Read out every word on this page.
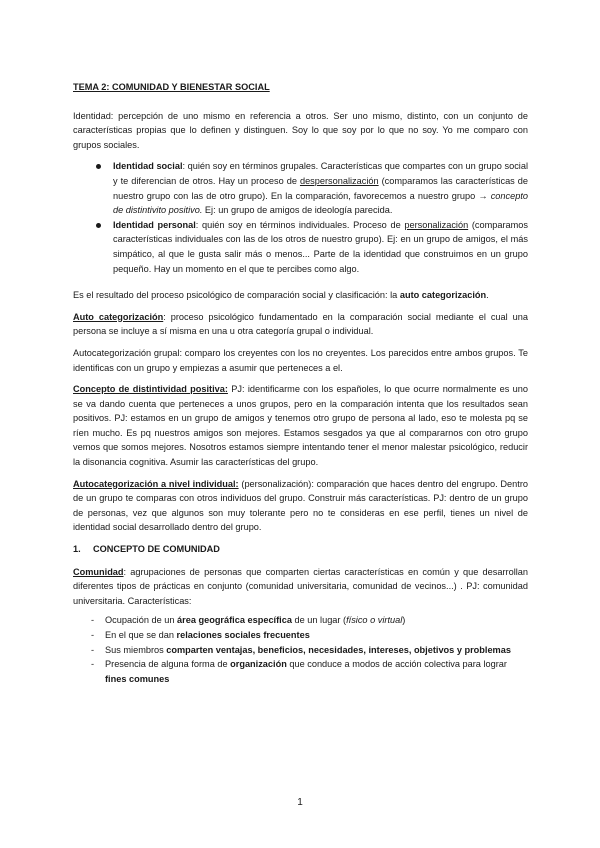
TEMA 2: COMUNIDAD Y BIENESTAR SOCIAL

Identidad: percepción de uno mismo en referencia a otros. Ser uno mismo, distinto, con un conjunto de características propias que lo definen y distinguen. Soy lo que soy por lo que no soy. Yo me comparo con grupos sociales.

Identidad social: quién soy en términos grupales. Características que compartes con un grupo social y te diferencian de otros. Hay un proceso de despersonalización (comparamos las características de nuestro grupo con las de otro grupo). En la comparación, favorecemos a nuestro grupo → concepto de distintivito positivo. Ej: un grupo de amigos de ideología parecida.
Identidad personal: quién soy en términos individuales. Proceso de personalización (comparamos características individuales con las de los otros de nuestro grupo). Ej: en un grupo de amigos, el más simpático, al que le gusta salir más o menos... Parte de la identidad que construimos en un grupo pequeño. Hay un momento en el que te percibes como algo.

Es el resultado del proceso psicológico de comparación social y clasificación: la auto categorización.

Auto categorización: proceso psicológico fundamentado en la comparación social mediante el cual una persona se incluye a sí misma en una u otra categoría grupal o individual.

Autocategorización grupal: comparo los creyentes con los no creyentes. Los parecidos entre ambos grupos. Te identificas con un grupo y empiezas a asumir que perteneces a el.

Concepto de distintividad positiva: PJ: identificarme con los españoles, lo que ocurre normalmente es uno se va dando cuenta que perteneces a unos grupos, pero en la comparación intenta que los resultados sean positivos. PJ: estamos en un grupo de amigos y tenemos otro grupo de persona al lado, eso te molesta pq se ríen mucho. Es pq nuestros amigos son mejores. Estamos sesgados ya que al compararnos con otro grupo vemos que somos mejores. Nosotros estamos siempre intentando tener el menor malestar psicológico, reducir la disonancia cognitiva. Asumir las características del grupo.

Autocategorización a nivel individual: (personalización): comparación que haces dentro del engrupo. Dentro de un grupo te comparas con otros individuos del grupo. Construir más características. PJ: dentro de un grupo de personas, vez que algunos son muy tolerante pero no te consideras en ese perfil, tienes un nivel de identidad social desarrollado dentro del grupo.

1. CONCEPTO DE COMUNIDAD

Comunidad: agrupaciones de personas que comparten ciertas características en común y que desarrollan diferentes tipos de prácticas en conjunto (comunidad universitaria, comunidad de vecinos...) . PJ: comunidad universitaria. Características:

- Ocupación de un área geográfica específica de un lugar (físico o virtual)
- En el que se dan relaciones sociales frecuentes
- Sus miembros comparten ventajas, beneficios, necesidades, intereses, objetivos y problemas
- Presencia de alguna forma de organización que conduce a modos de acción colectiva para lograr fines comunes
1
